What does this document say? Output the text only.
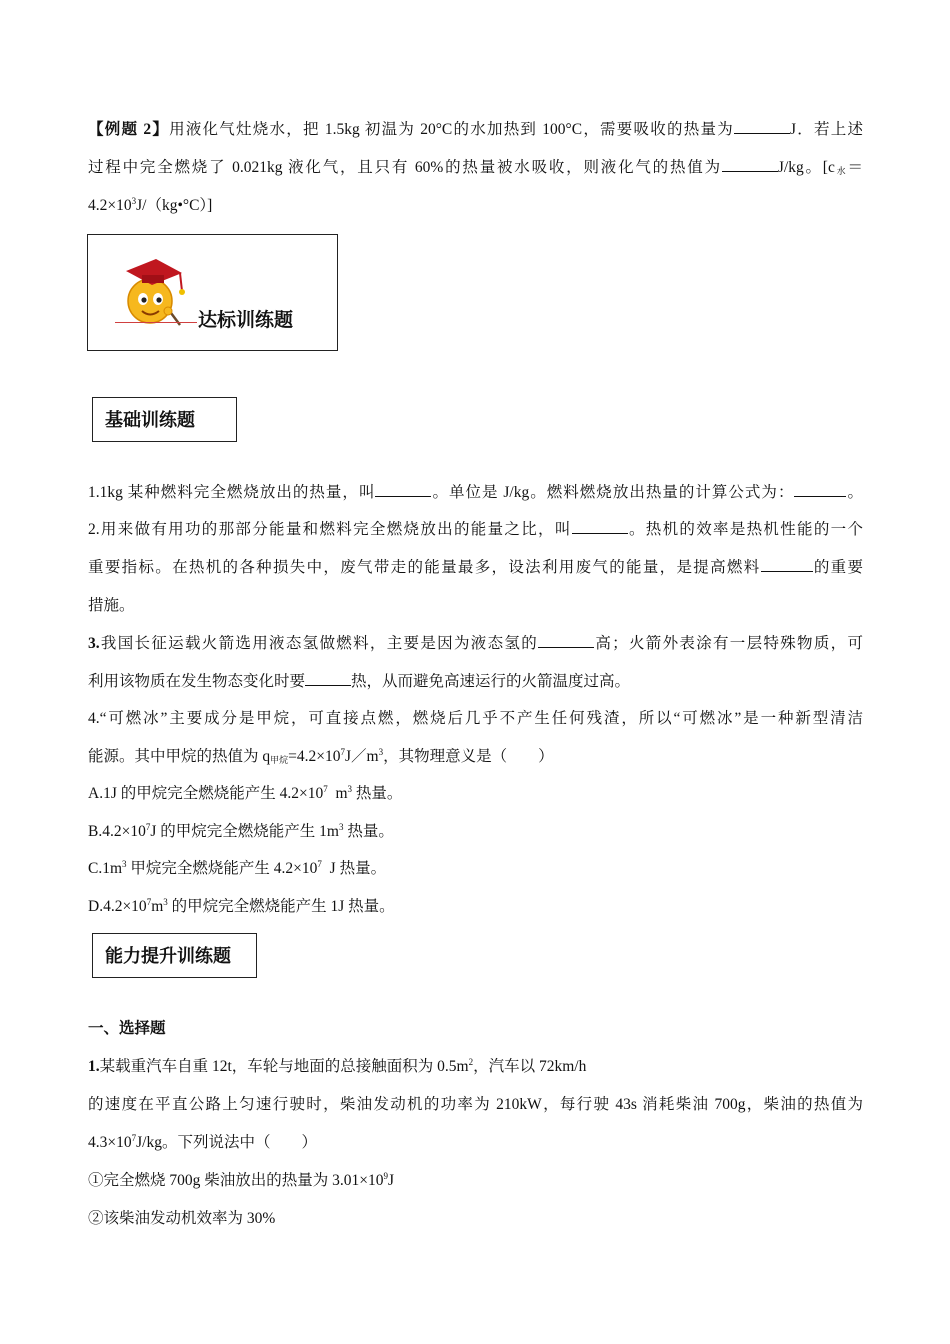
【例题 2】用液化气灶烧水，把 1.5kg 初温为 20°C的水加热到 100°C，需要吸收的热量为	J．若上述
过程中完全燃烧了 0.021kg 液化气，且只有 60%的热量被水吸收，则液化气的热值为	J/kg。[$c_水=$
$4.2\times 10^3J/(kg•^\circ C)$]
达标训练题
基础训练题
1.1kg 某种燃料完全燃烧放出的热量，叫	。单位是 J/kg。燃料燃烧放出热量的计算公式为：	。
2.用来做有用功的那部分能量和燃料完全燃烧放出的能量之比，叫	。热机的效率是热机性能的一个
重要指标。在热机的各种损失中，废气带走的能量最多，设法利用废气的能量，是提高燃料	的重要
措施。
3.我国长征运载火箭选用液态氢做燃料，主要是因为液态氢的	高；火箭外表涂有一层特殊物质，可
利用该物质在发生物态变化时要	热，从而避免高速运行的火箭温度过高。
4.“可燃冰”主要成分是甲烷，可直接点燃，燃烧后几乎不产生任何残渣，所以“可燃冰”是一种新型清洁
能源。其中甲烷的热值为 $q_{甲烷}=4.2\times 10^7J/m^3$，其物理意义是（　　）
A.1J 的甲烷完全燃烧能产生 $4.2\times 10^7$  $m^3$ 热量。
$B.4.2\times 10^7J$ 的甲烷完全燃烧能产生 $1m^3$ 热量。
$C.1m^3$ 甲烷完全燃烧能产生 $4.2\times 10^7$  J 热量。
$D.4.2\times 10^7m^3$ 的甲烷完全燃烧能产生 1J 热量。
能力提升训练题
一、选择题
1.某载重汽车自重 12t，车轮与地面的总接触面积为 $0.5m^2$，汽车以 72km/h
的速度在平直公路上匀速行驶时，柴油发动机的功率为 210kW，每行驶 43s 消耗柴油 700g，柴油的热值为
$4.3\times 10^7J/kg$。下列说法中（　　）
①完全燃烧 700g 柴油放出的热量为 $3.01\times 10^9J$
②该柴油发动机效率为 30%
